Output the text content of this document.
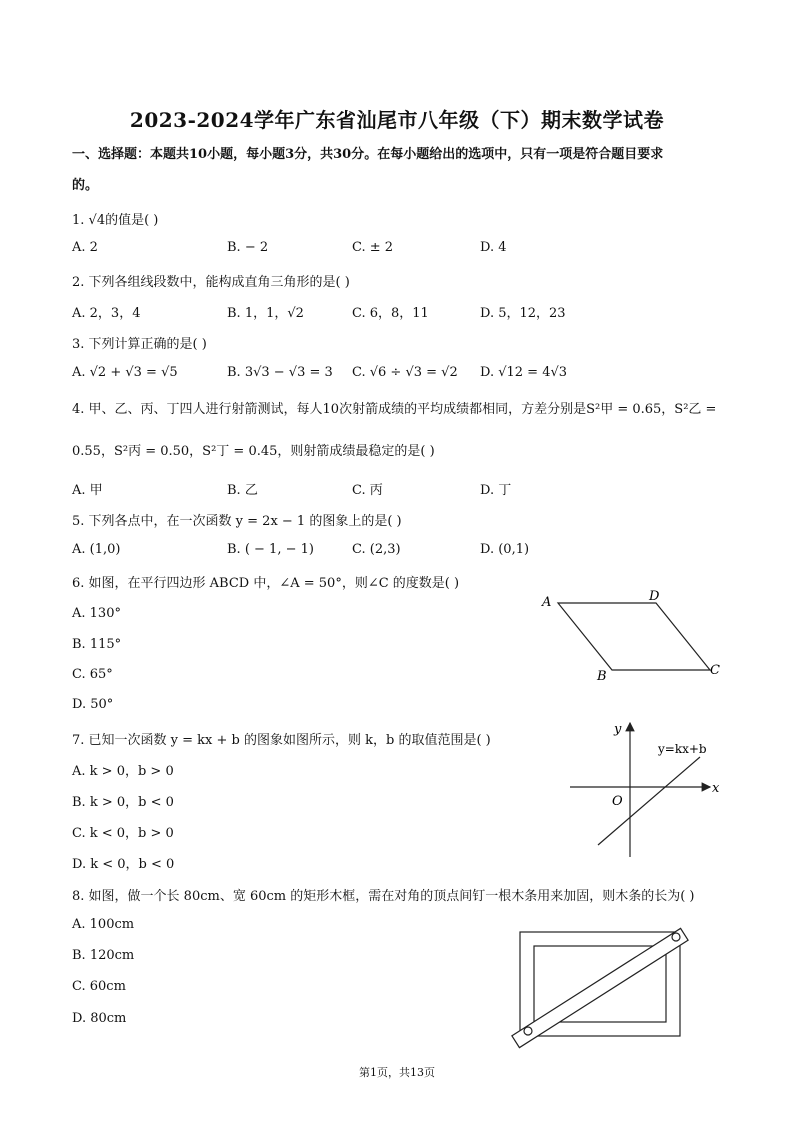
2023-2024学年广东省汕尾市八年级（下）期末数学试卷
一、选择题：本题共10小题，每小题3分，共30分。在每小题给出的选项中，只有一项是符合题目要求
的。
1. √4的值是( )
A. 2	B. − 2	C. ± 2	D. 4
2. 下列各组线段数中，能构成直角三角形的是( )
A. 2，3，4	B. 1，1，√2	C. 6，8，11	D. 5，12，23
3. 下列计算正确的是( )
A. √2 + √3 = √5	B. 3√3 − √3 = 3 C. √6 ÷ √3 = √2 D. √12 = 4√3
4. 甲、乙、丙、丁四人进行射箭测试，每人10次射箭成绩的平均成绩都相同，方差分别是S²甲 = 0.65，S²乙 =
0.55，S²丙 = 0.50，S²丁 = 0.45，则射箭成绩最稳定的是( )
A. 甲	B. 乙	C. 丙	D. 丁
5. 下列各点中，在一次函数 y = 2x − 1 的图象上的是( )
A. (1,0)	B. ( − 1, − 1)	C. (2,3)	D. (0,1)
6. 如图，在平行四边形 ABCD 中，∠A = 50°，则∠C 的度数是( )
A. 130°
B. 115°
C. 65°
D. 50°
A	D
B	C
7. 已知一次函数 y = kx + b 的图象如图所示，则 k，b 的取值范围是( )
A. k > 0，b > 0
B. k > 0，b < 0
C. k < 0，b > 0
D. k < 0，b < 0
y
x
O
y=kx+b
8. 如图，做一个长 80cm、宽 60cm 的矩形木框，需在对角的顶点间钉一根木条用来加固，则木条的长为( )
A. 100cm
B. 120cm
C. 60cm
D. 80cm
第1页，共13页
